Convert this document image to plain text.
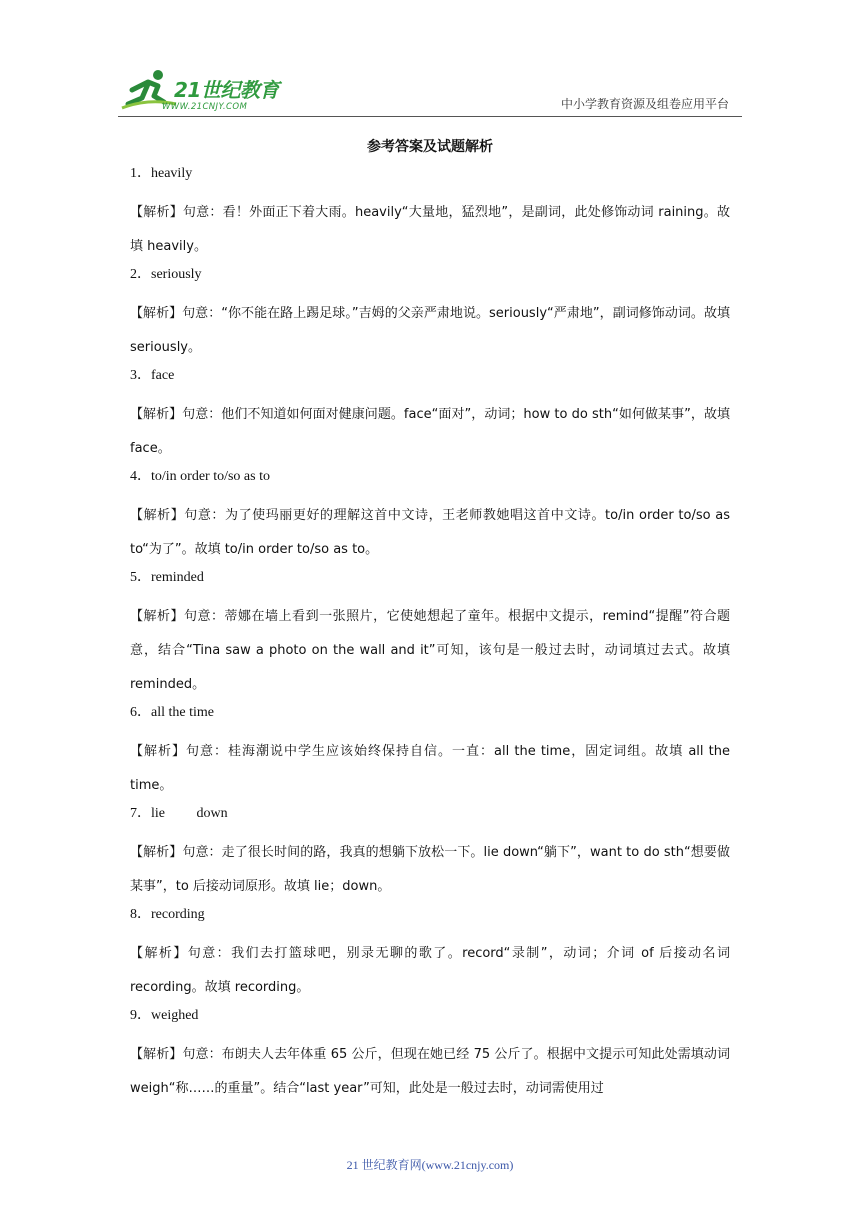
21世纪教育
WWW.21CNJY.COM	中小学教育资源及组卷应用平台
参考答案及试题解析

1．heavily

【解析】句意：看！外面正下着大雨。heavily“大量地，猛烈地”，是副词，此处修饰动词 raining。故填 heavily。

2．seriously

【解析】句意：“你不能在路上踢足球。”吉姆的父亲严肃地说。seriously“严肃地”，副词修饰动词。故填 seriously。

3．face

【解析】句意：他们不知道如何面对健康问题。face“面对”，动词；how to do sth“如何做某事”，故填 face。

4．to/in order to/so as to

【解析】句意：为了使玛丽更好的理解这首中文诗，王老师教她唱这首中文诗。to/in order to/so as to“为了”。故填 to/in order to/so as to。

5．reminded

【解析】句意：蒂娜在墙上看到一张照片，它使她想起了童年。根据中文提示，remind“提醒”符合题意，结合“Tina saw a photo on the wall and it”可知，该句是一般过去时，动词填过去式。故填 reminded。

6．all the time

【解析】句意：桂海潮说中学生应该始终保持自信。一直：all the time，固定词组。故填 all the time。

7．lie　　 down

【解析】句意：走了很长时间的路，我真的想躺下放松一下。lie down“躺下”，want to do sth“想要做某事”，to 后接动词原形。故填 lie；down。

8．recording

【解析】句意：我们去打篮球吧，别录无聊的歌了。record“录制”，动词；介词 of 后接动名词 recording。故填 recording。

9．weighed

【解析】句意：布朗夫人去年体重 65 公斤，但现在她已经 75 公斤了。根据中文提示可知此处需填动词 weigh“称……的重量”。结合“last year”可知，此处是一般过去时，动词需使用过

21 世纪教育网(www.21cnjy.com)
